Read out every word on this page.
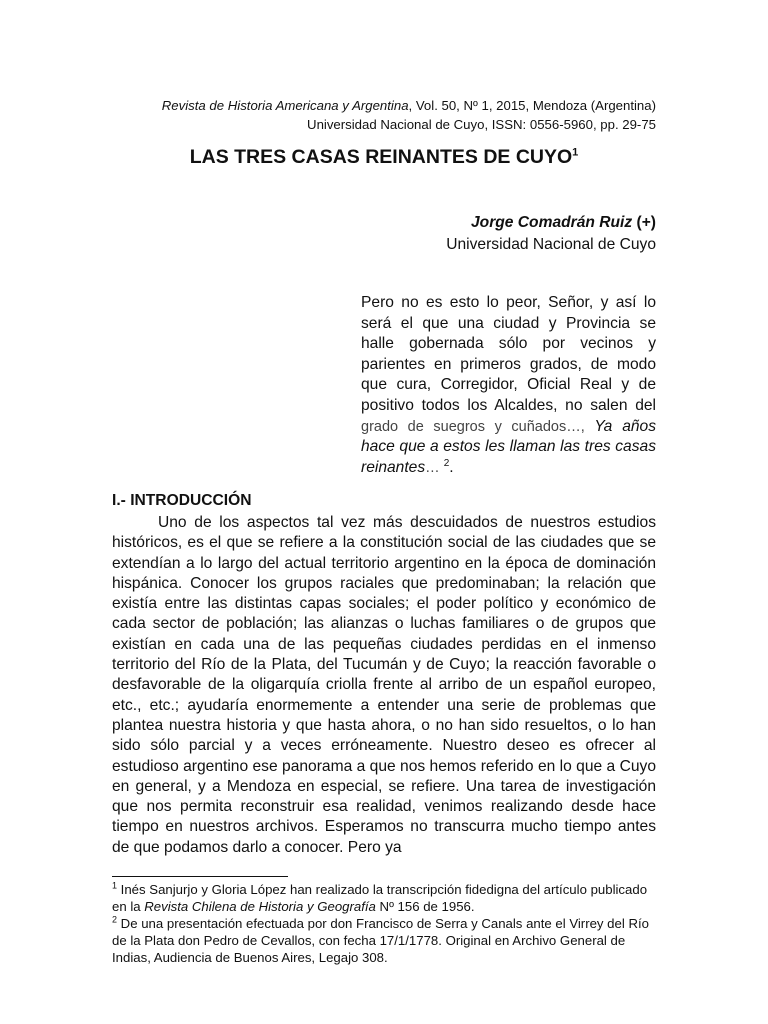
Revista de Historia Americana y Argentina, Vol. 50, Nº 1, 2015, Mendoza (Argentina)
Universidad Nacional de Cuyo, ISSN: 0556-5960, pp. 29-75
LAS TRES CASAS REINANTES DE CUYO$^1$
Jorge Comadrán Ruiz (+)
Universidad Nacional de Cuyo
Pero no es esto lo peor, Señor, y así lo será el que una ciudad y Provincia se halle gobernada sólo por vecinos y parientes en primeros grados, de modo que cura, Corregidor, Oficial Real y de positivo todos los Alcaldes, no salen del grado de suegros y cuñados…, Ya años hace que a estos les llaman las tres casas reinantes… $^2$.
I.- INTRODUCCIÓN

Uno de los aspectos tal vez más descuidados de nuestros estudios históricos, es el que se refiere a la constitución social de las ciudades que se extendían a lo largo del actual territorio argentino en la época de dominación hispánica. Conocer los grupos raciales que predominaban; la relación que existía entre las distintas capas sociales; el poder político y económico de cada sector de población; las alianzas o luchas familiares o de grupos que existían en cada una de las pequeñas ciudades perdidas en el inmenso territorio del Río de la Plata, del Tucumán y de Cuyo; la reacción favorable o desfavorable de la oligarquía criolla frente al arribo de un español europeo, etc., etc.; ayudaría enormemente a entender una serie de problemas que plantea nuestra historia y que hasta ahora, o no han sido resueltos, o lo han sido sólo parcial y a veces erróneamente. Nuestro deseo es ofrecer al estudioso argentino ese panorama a que nos hemos referido en lo que a Cuyo en general, y a Mendoza en especial, se refiere. Una tarea de investigación que nos permita reconstruir esa realidad, venimos realizando desde hace tiempo en nuestros archivos. Esperamos no transcurra mucho tiempo antes de que podamos darlo a conocer. Pero ya

$^1$ Inés Sanjurjo y Gloria López han realizado la transcripción fidedigna del artículo publicado en la Revista Chilena de Historia y Geografía Nº 156 de 1956.

$^2$ De una presentación efectuada por don Francisco de Serra y Canals ante el Virrey del Río de la Plata don Pedro de Cevallos, con fecha 17/1/1778. Original en Archivo General de Indias, Audiencia de Buenos Aires, Legajo 308.
